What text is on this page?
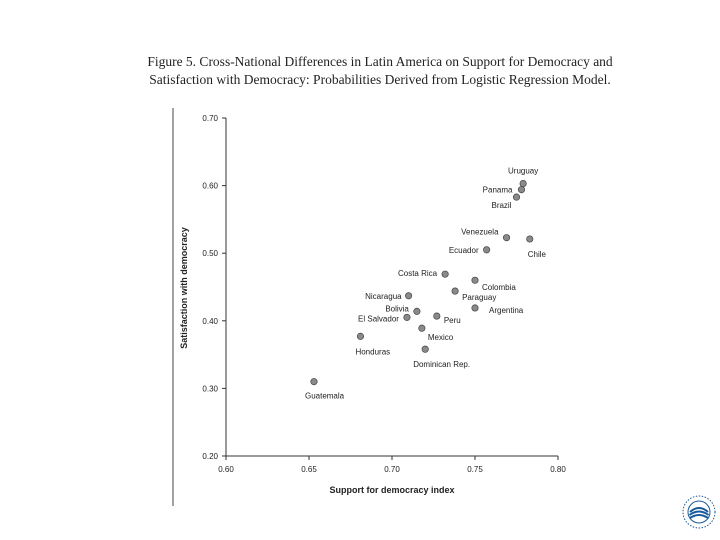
Figure 5. Cross-National Differences in Latin America on Support for Democracy and
Satisfaction with Democracy: Probabilities Derived from Logistic Regression Model.
0.20
0.30
0.40
0.50
0.60
0.70
0.60	0.65	0.70	0.75	0.80
Uruguay
Panama
Brazil
Venezuela
Chile
Ecuador
Costa Rica
Colombia
Paraguay
Nicaragua
Argentina
Bolivia
Peru
El Salvador
Mexico
Honduras
Dominican Rep.
Guatemala
Support for democracy index
Satisfaction with democracy
